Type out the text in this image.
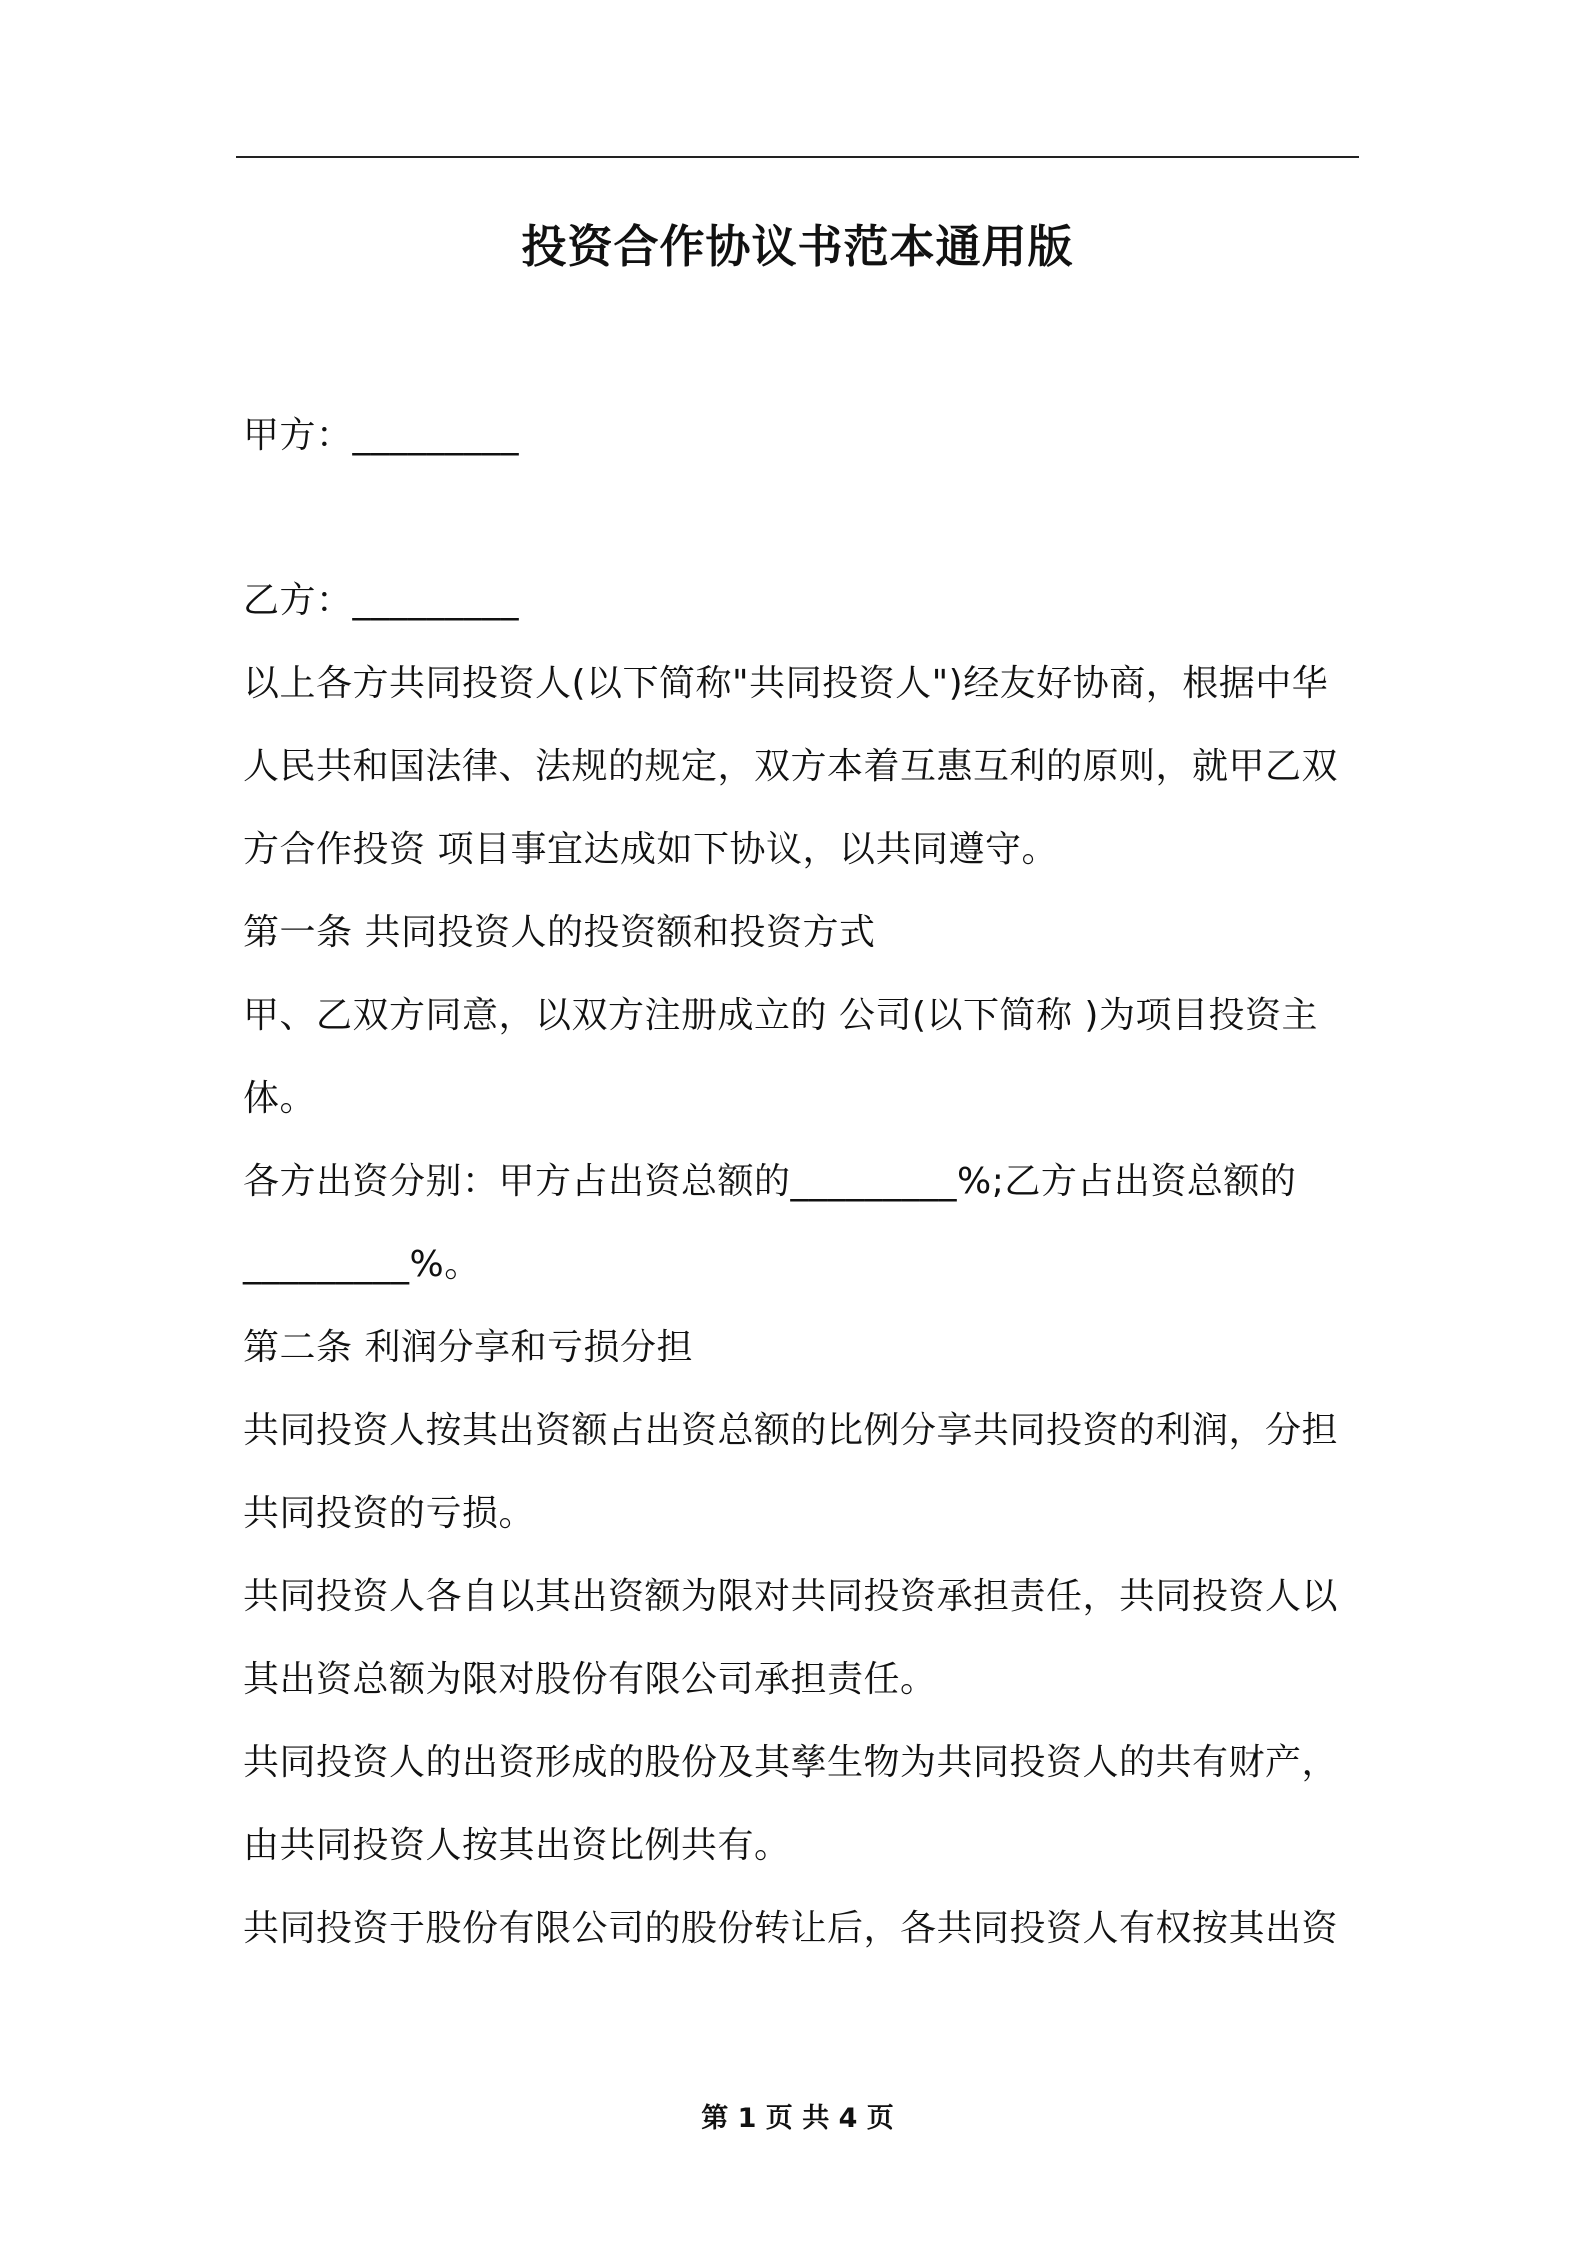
投资合作协议书范本通用版
甲方：_________
乙方：_________
以上各方共同投资人(以下简称"共同投资人")经友好协商，根据中华
人民共和国法律、法规的规定，双方本着互惠互利的原则，就甲乙双
方合作投资 项目事宜达成如下协议，以共同遵守。
第一条 共同投资人的投资额和投资方式
甲、乙双方同意，以双方注册成立的 公司(以下简称 )为项目投资主
体。
各方出资分别：甲方占出资总额的_________%;乙方占出资总额的
_________%。
第二条 利润分享和亏损分担
共同投资人按其出资额占出资总额的比例分享共同投资的利润，分担
共同投资的亏损。
共同投资人各自以其出资额为限对共同投资承担责任，共同投资人以
其出资总额为限对股份有限公司承担责任。
共同投资人的出资形成的股份及其孳生物为共同投资人的共有财产，
由共同投资人按其出资比例共有。
共同投资于股份有限公司的股份转让后，各共同投资人有权按其出资
第 1 页 共 4 页
